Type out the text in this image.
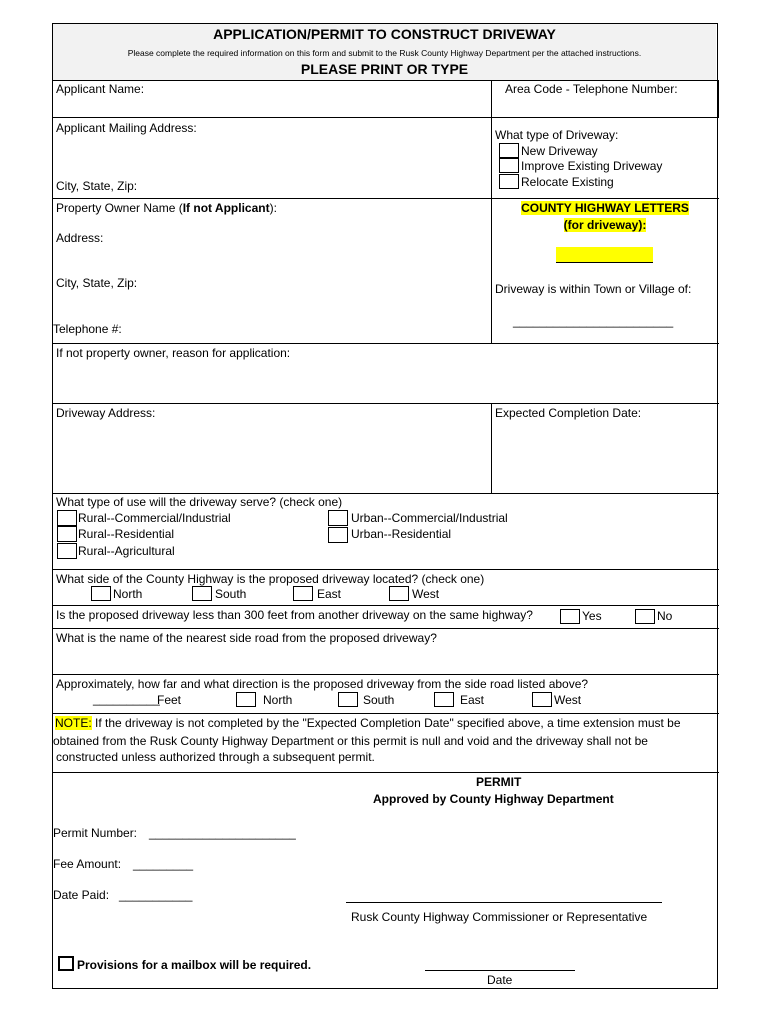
APPLICATION/PERMIT TO CONSTRUCT DRIVEWAY
Please complete the required information on this form and submit to the Rusk County Highway Department per the attached instructions.
PLEASE PRINT OR TYPE
Applicant Name:	Area Code - Telephone Number:
Applicant Mailing Address:
City, State, Zip:
What type of Driveway:
New Driveway
Improve Existing Driveway
Relocate Existing
Property Owner Name (If not Applicant):
Address:
City, State, Zip:
Telephone #:
COUNTY HIGHWAY LETTERS
(for driveway):
Driveway is within Town or Village of:
________________________
If not property owner, reason for application:
Driveway Address:	Expected Completion Date:
What type of use will the driveway serve? (check one)
Rural--Commercial/Industrial
Rural--Residential
Rural--Agricultural
Urban--Commercial/Industrial
Urban--Residential
What side of the County Highway is the proposed driveway located? (check one)
North	South	East	West
Is the proposed driveway less than 300 feet from another driveway on the same highway?	Yes	No
What is the name of the nearest side road from the proposed driveway?
Approximately, how far and what direction is the proposed driveway from the side road listed above?
__________
Feet	North	South	East	West
NOTE: If the driveway is not completed by the "Expected Completion Date" specified above, a time extension must be
obtained from the Rusk County Highway Department or this permit is null and void and the driveway shall not be
constructed unless authorized through a subsequent permit.
PERMIT
Approved by County Highway Department
Permit Number: ______________________
Fee Amount: _________
Date Paid: ___________
Rusk County Highway Commissioner or Representative
Provisions for a mailbox will be required.
Date
